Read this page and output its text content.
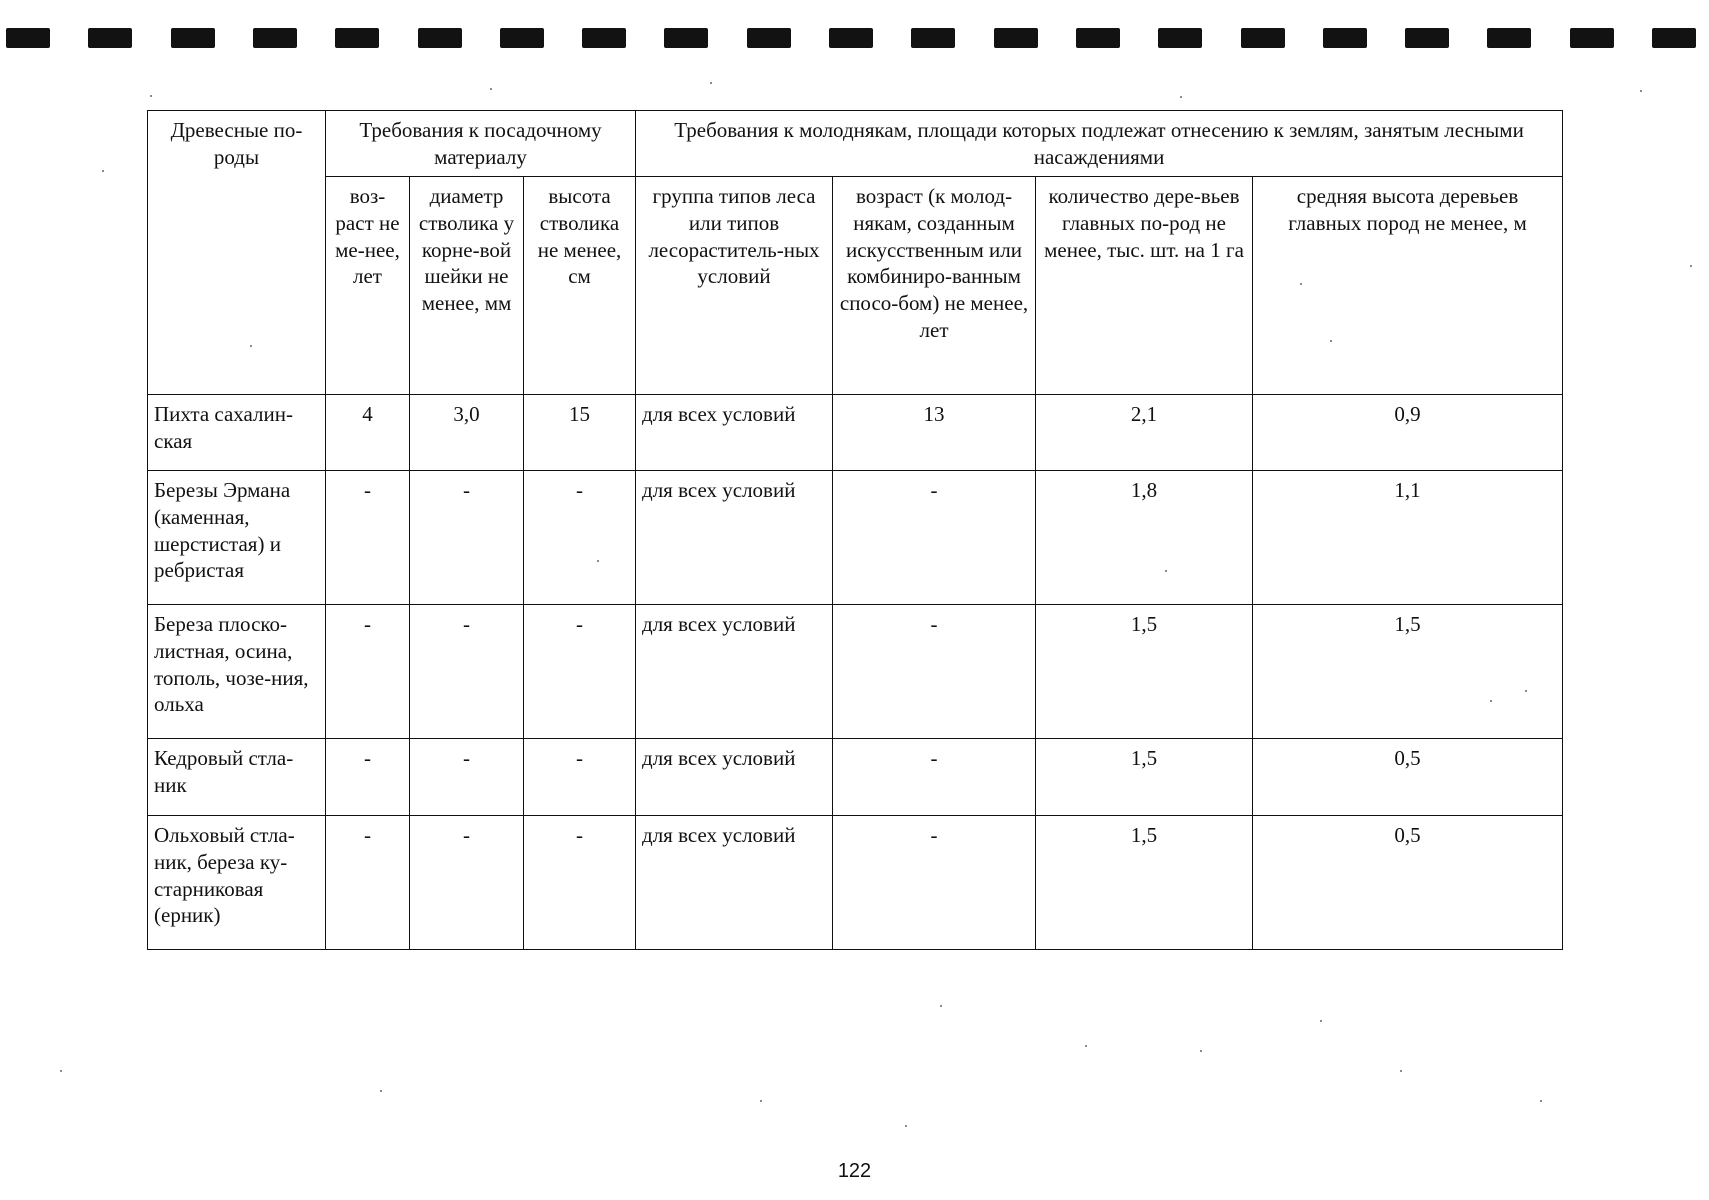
Древесные по-роды	Требования к посадочному материалу			Требования к молоднякам, площади которых подлежат отнесению к землям, занятым лесными насаждениями			
	воз-раст не ме-нее, лет	диаметр стволика у корне-вой шейки не менее, мм	высота стволика не менее, см	группа типов леса или типов лесораститель-ных условий	возраст (к молод-някам, созданным искусственным или комбиниро-ванным спосо-бом) не менее, лет	количество дере-вьев главных по-род не менее, тыс. шт. на 1 га	средняя высота деревьев главных пород не менее, м
Пихта сахалин-ская	4	3,0	15	для всех условий	13	2,1	0,9
Березы Эрмана (каменная, шерстистая) и ребристая	-	-	-	для всех условий	-	1,8	1,1
Береза плоско-листная, осина, тополь, чозе-ния, ольха	-	-	-	для всех условий	-	1,5	1,5
Кедровый стла-ник	-	-	-	для всех условий	-	1,5	0,5
Ольховый стла-ник, береза ку-старниковая (ерник)	-	-	-	для всех условий	-	1,5	0,5
122
